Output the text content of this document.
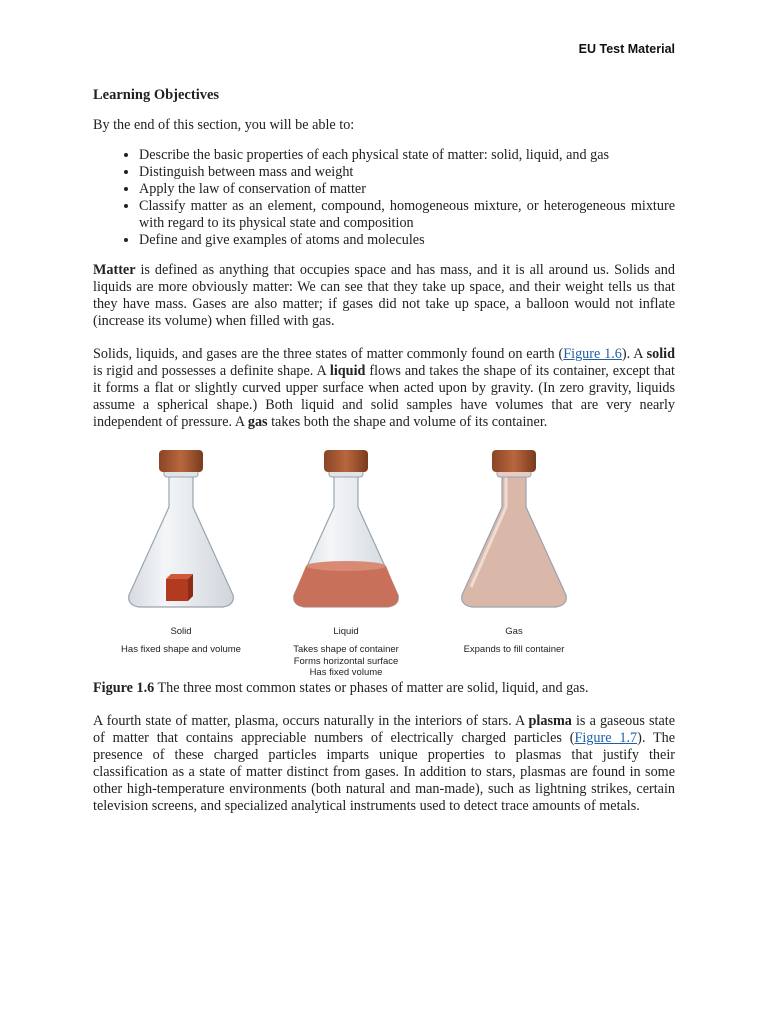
EU Test Material
Learning Objectives
By the end of this section, you will be able to:
• Describe the basic properties of each physical state of matter: solid, liquid, and gas
• Distinguish between mass and weight
• Apply the law of conservation of matter
• Classify matter as an element, compound, homogeneous mixture, or heterogeneous mixture with regard to its physical state and composition
• Define and give examples of atoms and molecules

Matter is defined as anything that occupies space and has mass, and it is all around us. Solids and liquids are more obviously matter: We can see that they take up space, and their weight tells us that they have mass. Gases are also matter; if gases did not take up space, a balloon would not inflate (increase its volume) when filled with gas.

Solids, liquids, and gases are the three states of matter commonly found on earth (Figure 1.6). A solid is rigid and possesses a definite shape. A liquid flows and takes the shape of its container, except that it forms a flat or slightly curved upper surface when acted upon by gravity. (In zero gravity, liquids assume a spherical shape.) Both liquid and solid samples have volumes that are very nearly independent of pressure. A gas takes both the shape and volume of its container.

Solid
Has fixed shape and volume
Liquid
Takes shape of container
Forms horizontal surface
Has fixed volume
Gas
Expands to fill container
Figure 1.6 The three most common states or phases of matter are solid, liquid, and gas.

A fourth state of matter, plasma, occurs naturally in the interiors of stars. A plasma is a gaseous state of matter that contains appreciable numbers of electrically charged particles (Figure 1.7). The presence of these charged particles imparts unique properties to plasmas that justify their classification as a state of matter distinct from gases. In addition to stars, plasmas are found in some other high-temperature environments (both natural and man-made), such as lightning strikes, certain television screens, and specialized analytical instruments used to detect trace amounts of metals.
